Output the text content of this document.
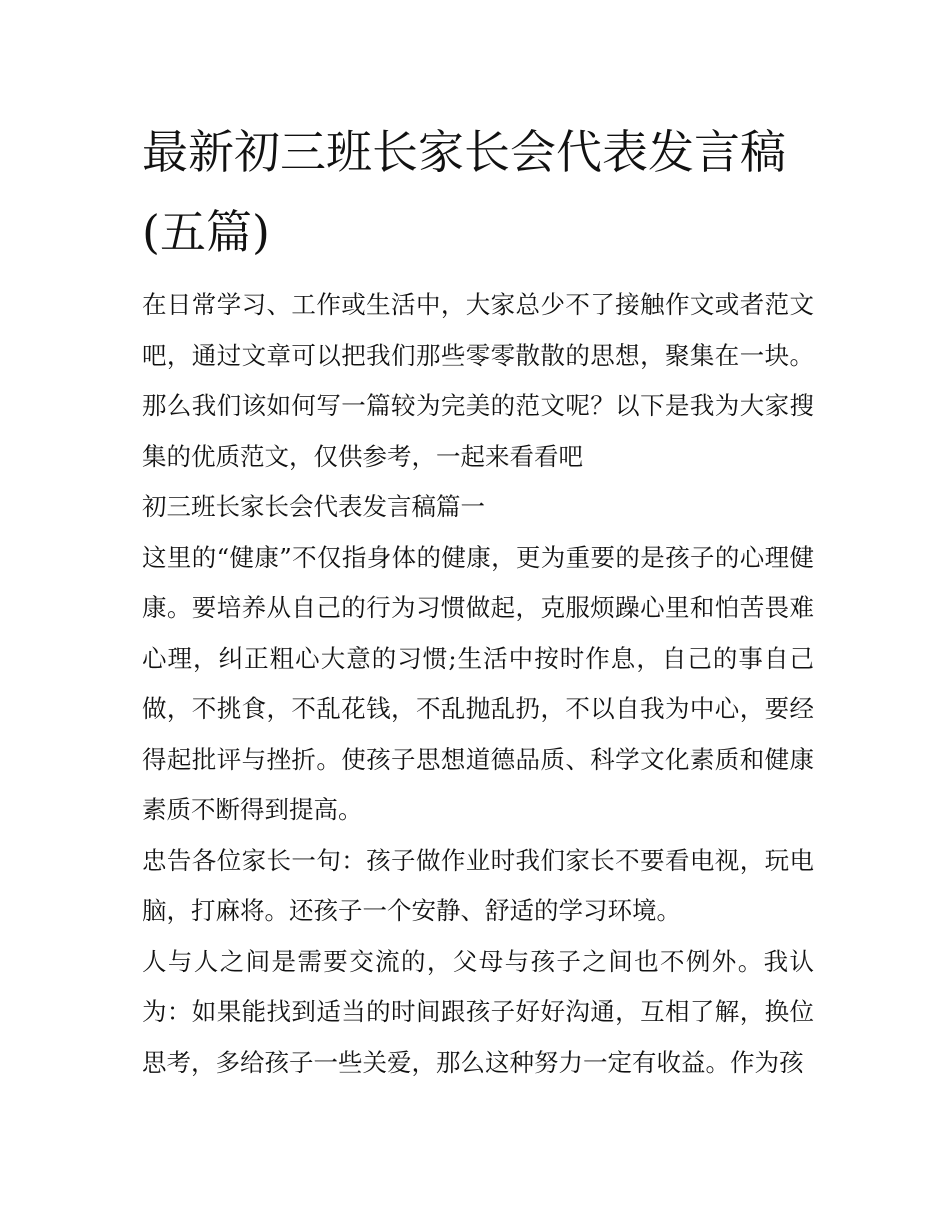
最新初三班长家长会代表发言稿(五篇)

在日常学习、工作或生活中，大家总少不了接触作文或者范文吧，通过文章可以把我们那些零零散散的思想，聚集在一块。那么我们该如何写一篇较为完美的范文呢？以下是我为大家搜集的优质范文，仅供参考，一起来看看吧

初三班长家长会代表发言稿篇一

这里的“健康”不仅指身体的健康，更为重要的是孩子的心理健康。要培养从自己的行为习惯做起，克服烦躁心里和怕苦畏难心理，纠正粗心大意的习惯;生活中按时作息，自己的事自己做，不挑食，不乱花钱，不乱抛乱扔，不以自我为中心，要经得起批评与挫折。使孩子思想道德品质、科学文化素质和健康素质不断得到提高。

忠告各位家长一句：孩子做作业时我们家长不要看电视，玩电脑，打麻将。还孩子一个安静、舒适的学习环境。

人与人之间是需要交流的，父母与孩子之间也不例外。我认为：如果能找到适当的时间跟孩子好好沟通，互相了解，换位思考，多给孩子一些关爱，那么这种努力一定有收益。作为孩
